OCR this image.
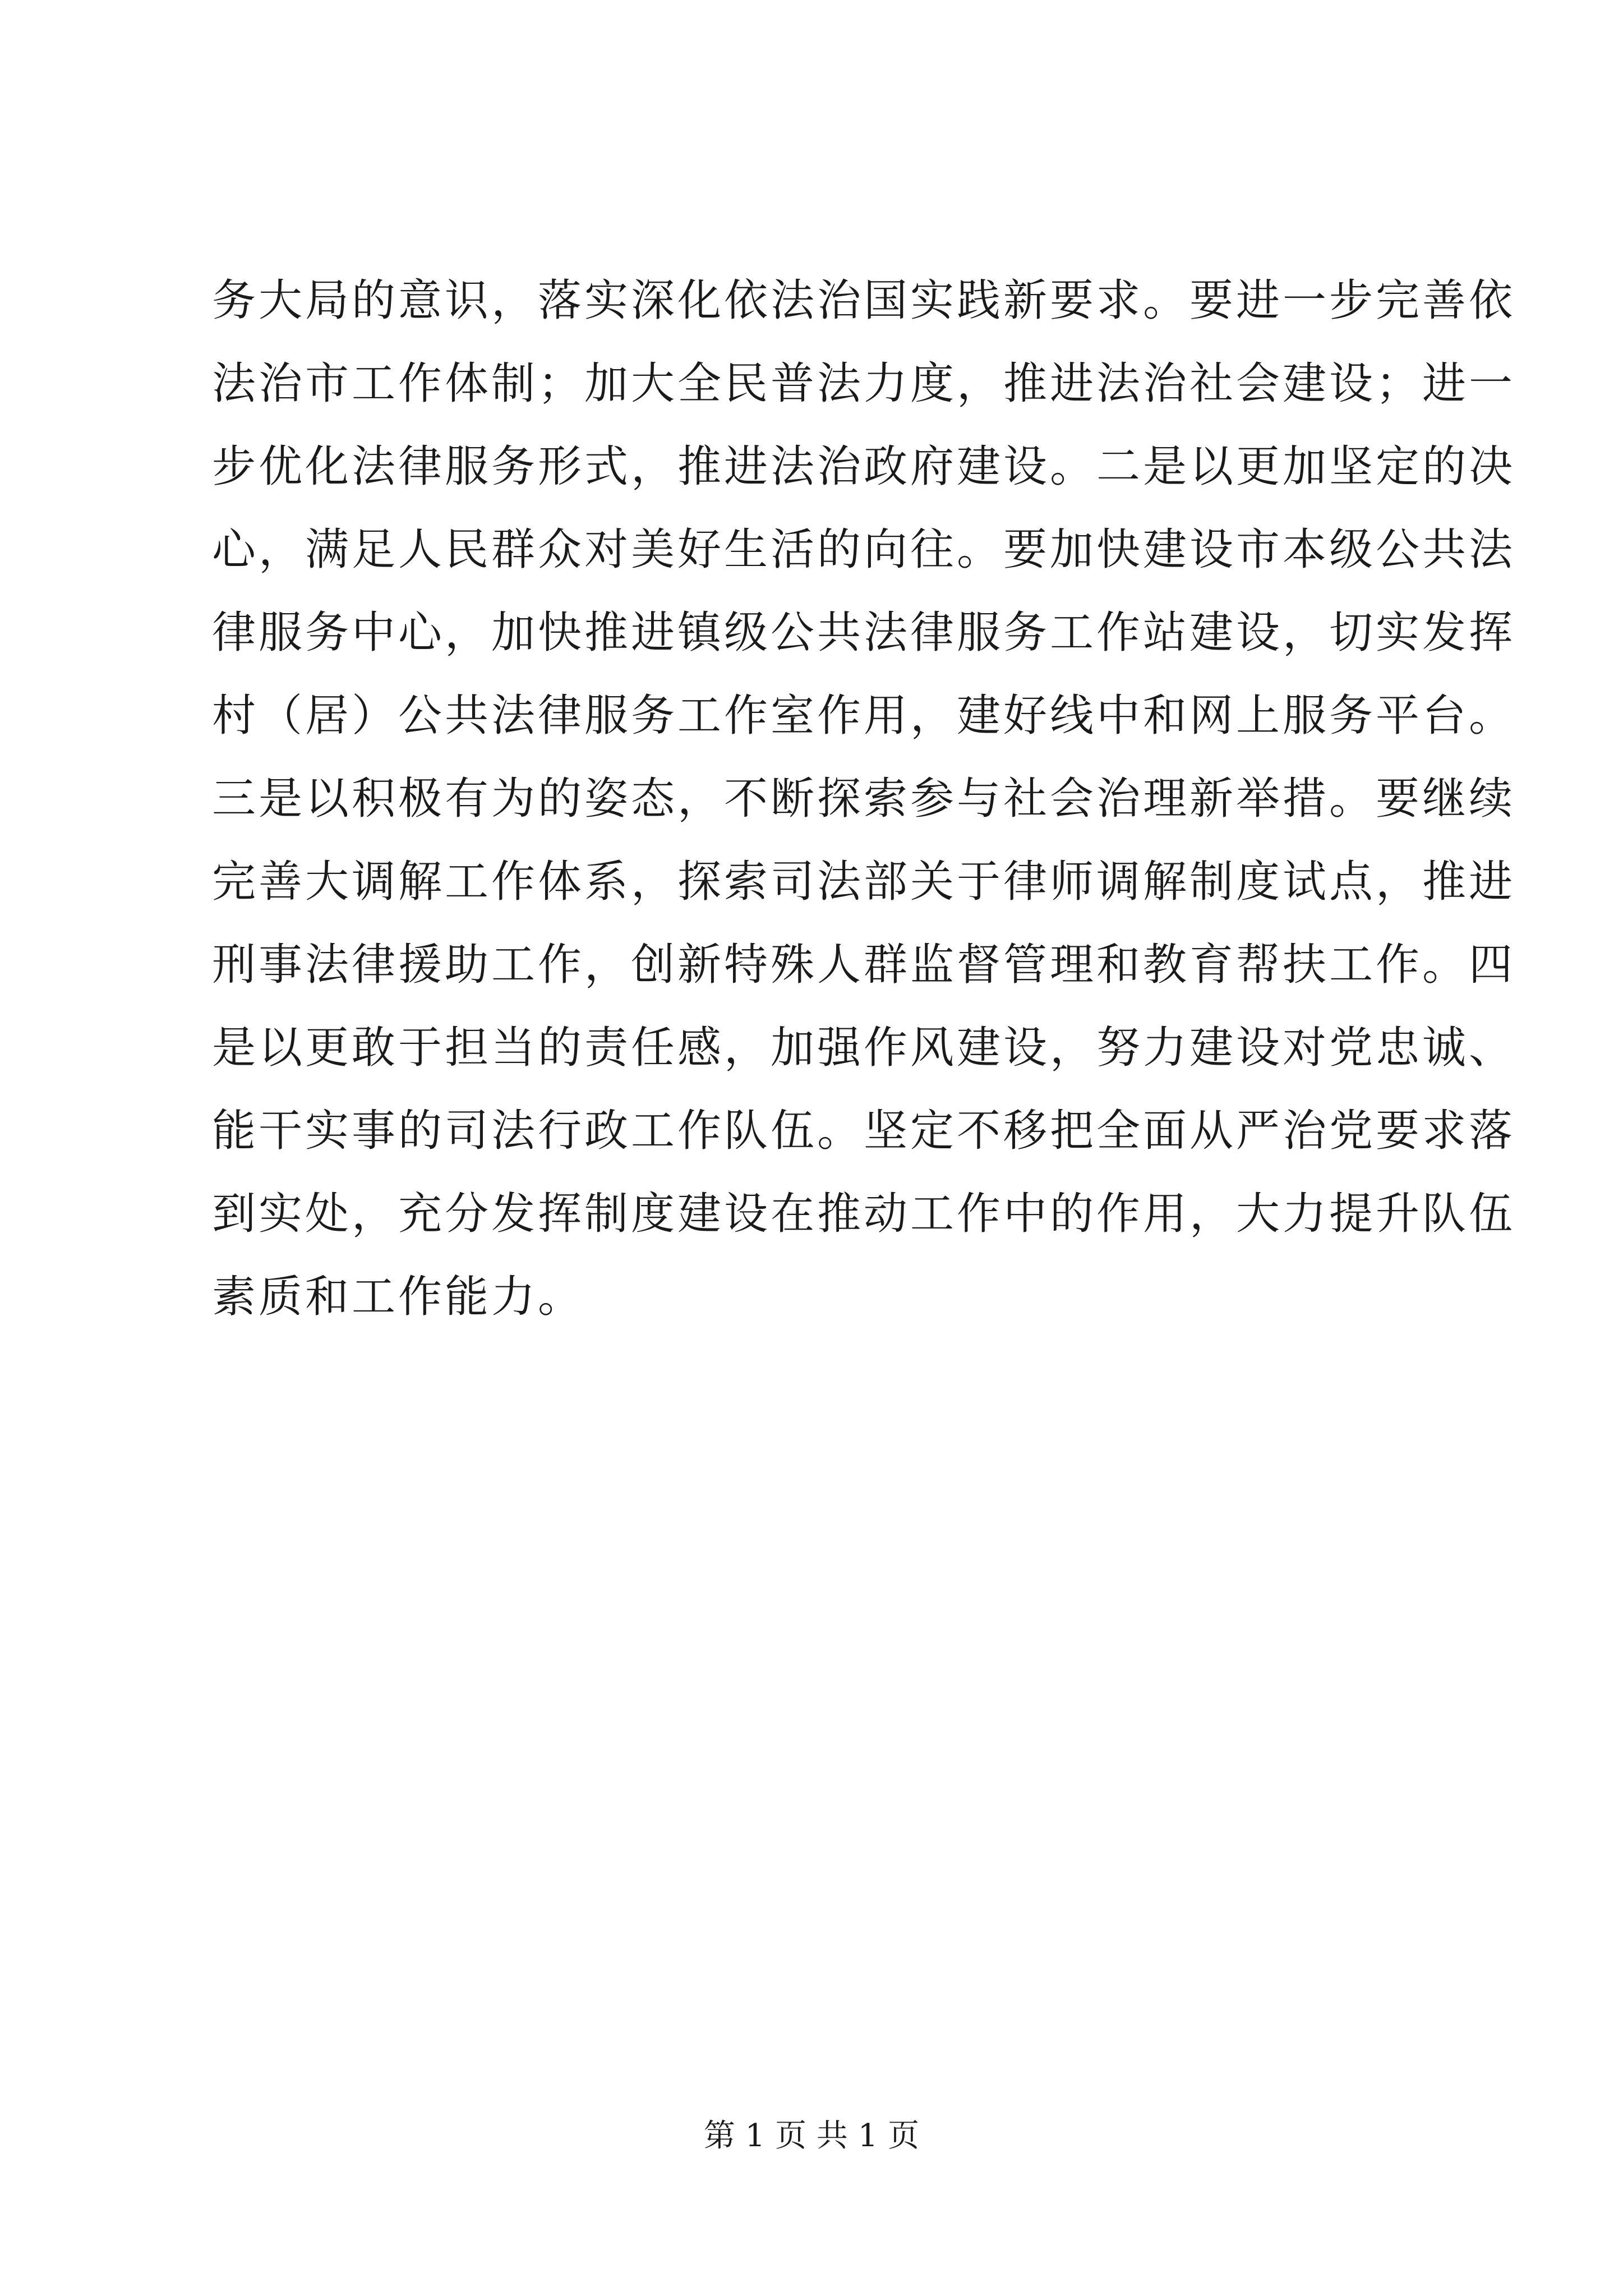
务大局的意识，落实深化依法治国实践新要求。要进一步完善依
法治市工作体制；加大全民普法力度，推进法治社会建设；进一
步优化法律服务形式，推进法治政府建设。二是以更加坚定的决
心，满足人民群众对美好生活的向往。要加快建设市本级公共法
律服务中心，加快推进镇级公共法律服务工作站建设，切实发挥
村（居）公共法律服务工作室作用，建好线中和网上服务平台。
三是以积极有为的姿态，不断探索参与社会治理新举措。要继续
完善大调解工作体系，探索司法部关于律师调解制度试点，推进
刑事法律援助工作，创新特殊人群监督管理和教育帮扶工作。四
是以更敢于担当的责任感，加强作风建设，努力建设对党忠诚、
能干实事的司法行政工作队伍。坚定不移把全面从严治党要求落
到实处，充分发挥制度建设在推动工作中的作用，大力提升队伍
素质和工作能力。
第 1 页 共 1 页
